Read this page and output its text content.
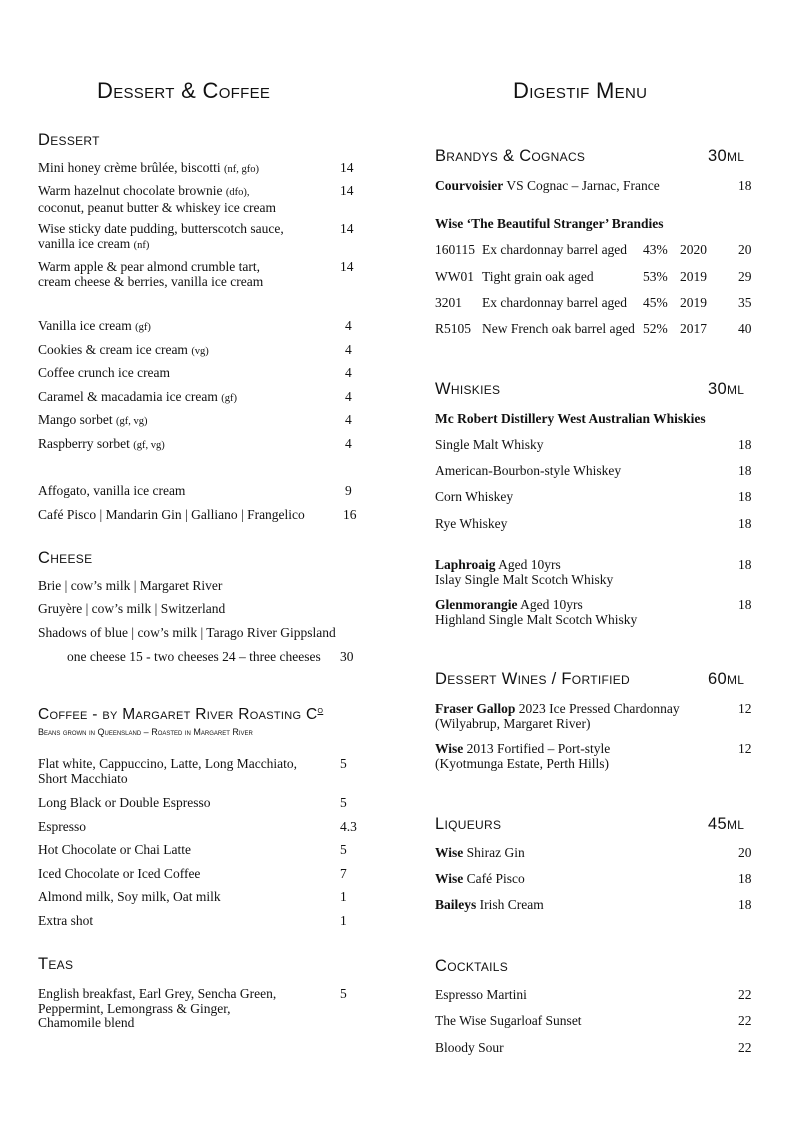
Dessert & Coffee
Dessert
Mini honey crème brûlée, biscotti (nf, gfo)	14
Warm hazelnut chocolate brownie (dfo),
coconut, peanut butter & whiskey ice cream
14
Wise sticky date pudding, butterscotch sauce,
vanilla ice cream (nf)
14
Warm apple & pear almond crumble tart,
cream cheese & berries, vanilla ice cream
14
Vanilla ice cream (gf)	4
Cookies & cream ice cream (vg)	4
Coffee crunch ice cream	4
Caramel & macadamia ice cream (gf)	4
Mango sorbet (gf, vg)	4
Raspberry sorbet (gf, vg)	4
Affogato, vanilla ice cream	9
Café Pisco | Mandarin Gin | Galliano | Frangelico	16
Cheese
Brie | cow’s milk | Margaret River
Gruyère | cow’s milk | Switzerland
Shadows of blue | cow’s milk | Tarago River Gippsland
one cheese 15 - two cheeses 24 – three cheeses 30
Coffee - by Margaret River Roasting $C^o$
Beans grown in Queensland – Roasted in Margaret River
Flat white, Cappuccino, Latte, Long Macchiato,
Short Macchiato
5
Long Black or Double Espresso	5
Espresso	4.3
Hot Chocolate or Chai Latte	5
Iced Chocolate or Iced Coffee	7
Almond milk, Soy milk, Oat milk	1
Extra shot	1
Teas
English breakfast, Earl Grey, Sencha Green,
Peppermint, Lemongrass & Ginger,
Chamomile blend
5
Digestif Menu
Brandys & Cognacs	30ml
Courvoisier VS Cognac – Jarnac, France	18
Wise ‘The Beautiful Stranger’ Brandies
160115 Ex chardonnay barrel aged 43% 2020 20
WW01 Tight grain oak aged	53% 2019 29
3201 Ex chardonnay barrel aged 45% 2019 35
R5105 New French oak barrel aged 52% 2017 40
Whiskies	30ml
Mc Robert Distillery West Australian Whiskies
Single Malt Whisky	18
American-Bourbon-style Whiskey	18
Corn Whiskey	18
Rye Whiskey	18
Laphroaig Aged 10yrs
Islay Single Malt Scotch Whisky
18
Glenmorangie Aged 10yrs
Highland Single Malt Scotch Whisky
18
Dessert Wines / Fortified	60ml
Fraser Gallop 2023 Ice Pressed Chardonnay
(Wilyabrup, Margaret River)
12
Wise 2013 Fortified – Port-style
(Kyotmunga Estate, Perth Hills)
12
Liqueurs	45ml
Wise Shiraz Gin	20
Wise Café Pisco	18
Baileys Irish Cream	18
Cocktails
Espresso Martini	22
The Wise Sugarloaf Sunset	22
Bloody Sour	22
